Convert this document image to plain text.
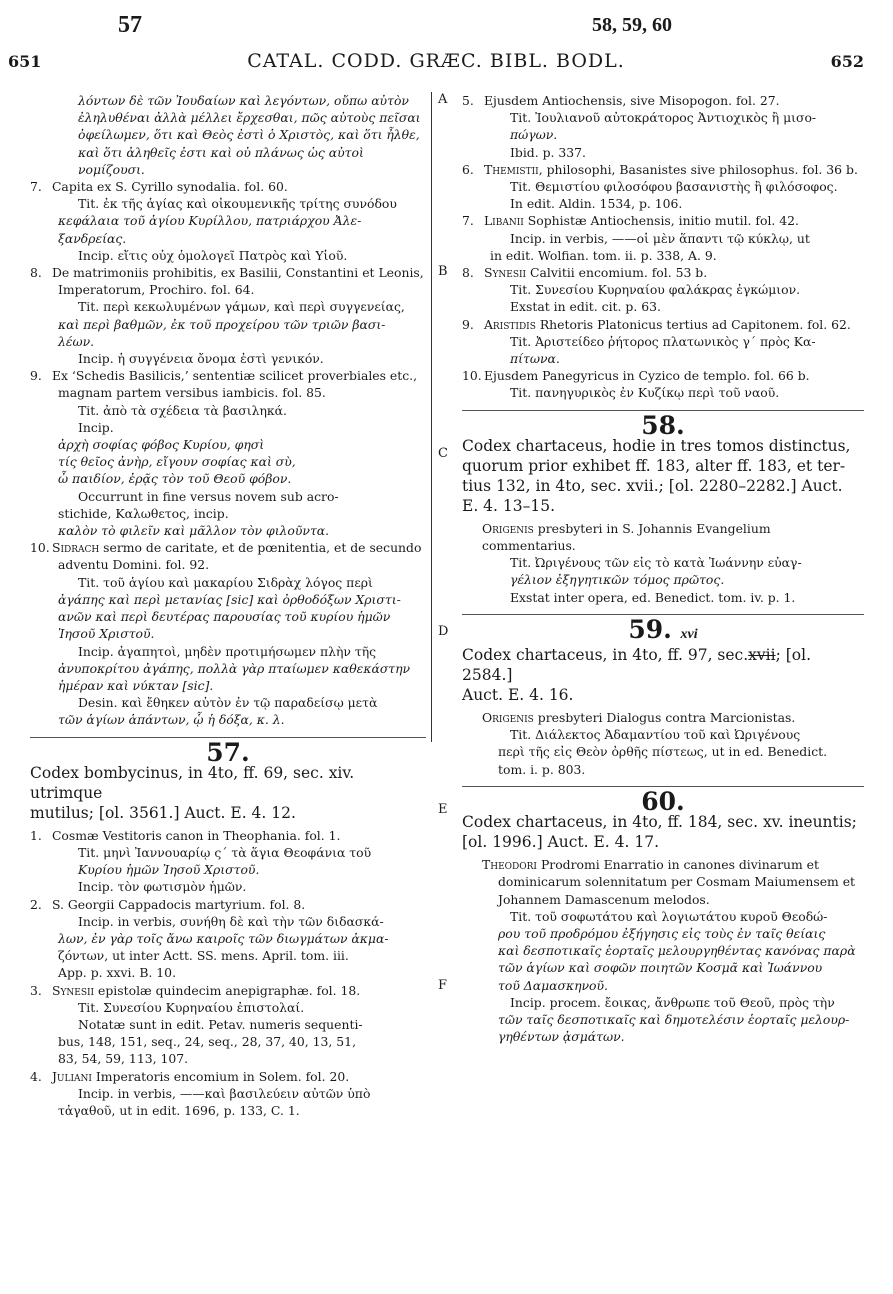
57	58, 59, 60
651	CATAL. CODD. GRÆC. BIBL. BODL.	652
A
B
C
D
E
F

λόντων δὲ τῶν Ἰουδαίων καὶ λεγόντων, οὔπω αὐτὸν

ἐληλυθέναι ἀλλὰ μέλλει ἔρχεσθαι, πῶς αὐτοὺς πεῖσαι

ὀφείλωμεν, ὅτι καὶ Θεὸς ἐστὶ ὁ Χριστὸς, καὶ ὅτι ἦλθε,

καὶ ὅτι ἀληθεῖς ἐστι καὶ οὐ πλάνως ὡς αὐτοὶ νομίζουσι.

7. Capita ex S. Cyrillo synodalia. fol. 60.

Tit. ἐκ τῆς ἁγίας καὶ οἰκουμενικῆς τρίτης συνόδου

κεφάλαια τοῦ ἁγίου Κυρίλλου, πατριάρχου Ἀλε-

ξανδρείας.

Incip. εἴτις οὐχ ὁμολογεῖ Πατρὸς καὶ Υἱοῦ.

8. De matrimoniis prohibitis, ex Basilii, Constantini et Leonis, Imperatorum, Prochiro. fol. 64.

Tit. περὶ κεκωλυμένων γάμων, καὶ περὶ συγγενείας,

καὶ περὶ βαθμῶν, ἐκ τοῦ προχείρου τῶν τριῶν βασι-

λέων.

Incip. ἡ συγγένεια ὄνομα ἐστὶ γενικόν.

9. Ex ‘Schedis Basilicis,’ sententiæ scilicet proverbiales etc., magnam partem versibus iambicis. fol. 85.

Tit. ἀπὸ τὰ σχέδεια τὰ βασιληκά.

Incip.

ἀρχὴ σοφίας φόβος Κυρίου, φησὶ

τίς θεῖος ἀνὴρ, εἴγουν σοφίας καὶ σὺ,

ὦ παιδίον, ἐρᾷς τὸν τοῦ Θεοῦ φόβον.

Occurrunt in fine versus novem sub acro-

stichide, Καλωθετος, incip.

καλὸν τὸ φιλεῖν καὶ μᾶλλον τὸν φιλοῦντα.

10. Sidrach sermo de caritate, et de pœnitentia, et de secundo adventu Domini. fol. 92.

Tit. τοῦ ἁγίου καὶ μακαρίου Σιδρὰχ λόγος περὶ

ἀγάπης καὶ περὶ μετανίας [sic] καὶ ὀρθοδόξων Χριστι-

ανῶν καὶ περὶ δευτέρας παρουσίας τοῦ κυρίου ἡμῶν

Ἰησοῦ Χριστοῦ.

Incip. ἀγαπητοὶ, μηδὲν προτιμήσωμεν πλὴν τῆς

ἀνυποκρίτου ἀγάπης, πολλὰ γὰρ πταίωμεν καθεκάστην

ἡμέραν καὶ νύκταν [sic].

Desin. καὶ ἔθηκεν αὐτὸν ἐν τῷ παραδείσῳ μετὰ

τῶν ἁγίων ἁπάντων, ᾧ ἡ δόξα, κ. λ.

57.

Codex bombycinus, in 4to, ff. 69, sec. xiv. utrimque

mutilus; [ol. 3561.] Auct. E. 4. 12.

1. Cosmæ Vestitoris canon in Theophania. fol. 1.

Tit. μηνὶ Ἰαννουαρίῳ ς΄ τὰ ἅγια Θεοφάνια τοῦ

Κυρίου ἡμῶν Ἰησοῦ Χριστοῦ.

Incip. τὸν φωτισμὸν ἡμῶν.

2. S. Georgii Cappadocis martyrium. fol. 8.

Incip. in verbis, συνήθη δὲ καὶ τὴν τῶν διδασκά-

λων, ἐν γὰρ τοῖς ἄνω καιροῖς τῶν διωγμάτων ἀκμα-

ζόντων, ut inter Actt. SS. mens. April. tom. iii.

App. p. xxvi. B. 10.

3. Synesii epistolæ quindecim anepigraphæ. fol. 18.

Tit. Συνεσίου Κυρηναίου ἐπιστολαί.

Notatæ sunt in edit. Petav. numeris sequenti-

bus, 148, 151, seq., 24, seq., 28, 37, 40, 13, 51,

83, 54, 59, 113, 107.

4. Juliani Imperatoris encomium in Solem. fol. 20.

Incip. in verbis, ——καὶ βασιλεύειν αὐτῶν ὑπὸ

τἀγαθοῦ, ut in edit. 1696, p. 133, C. 1.

5. Ejusdem Antiochensis, sive Misopogon. fol. 27.

Tit. Ἰουλιανοῦ αὐτοκράτορος Ἀντιοχικὸς ἢ μισο-

πώγων.

Ibid. p. 337.

6. Themistii, philosophi, Basanistes sive philosophus. fol. 36 b.

Tit. Θεμιστίου φιλοσόφου βασανιστὴς ἢ φιλόσοφος.

In edit. Aldin. 1534, p. 106.

7. Libanii Sophistæ Antiochensis, initio mutil. fol. 42.

Incip. in verbis, ——οἱ μὲν ἅπαντι τῷ κύκλῳ, ut

in edit. Wolfian. tom. ii. p. 338, A. 9.

8. Synesii Calvitii encomium. fol. 53 b.

Tit. Συνεσίου Κυρηναίου φαλάκρας ἐγκώμιον.

Exstat in edit. cit. p. 63.

9. Aristidis Rhetoris Platonicus tertius ad Capitonem. fol. 62.

Tit. Ἀριστείδεο ῥήτορος πλατωνικὸς γ΄ πρὸς Κα-

πίτωνα.

10. Ejusdem Panegyricus in Cyzico de templo. fol. 66 b.

Tit. πανηγυρικὸς ἐν Κυζίκῳ περὶ τοῦ ναοῦ.

58.

Codex chartaceus, hodie in tres tomos distinctus,

quorum prior exhibet ff. 183, alter ff. 183, et ter-

tius 132, in 4to, sec. xvii.; [ol. 2280–2282.] Auct.

E. 4. 13–15.

Origenis presbyteri in S. Johannis Evangelium commentarius.

Tit. Ὠριγένους τῶν εἰς τὸ κατὰ Ἰωάννην εὐαγ-

γέλιον ἐξηγητικῶν τόμος πρῶτος.

Exstat inter opera, ed. Benedict. tom. iv. p. 1.

59. xvi

Codex chartaceus, in 4to, ff. 97, sec.xvii; [ol. 2584.]

Auct. E. 4. 16.

Origenis presbyteri Dialogus contra Marcionistas.

Tit. Διάλεκτος Ἀδαμαντίου τοῦ καὶ Ὠριγένους

περὶ τῆς εἰς Θεὸν ὀρθῆς πίστεως, ut in ed. Benedict.

tom. i. p. 803.

60.

Codex chartaceus, in 4to, ff. 184, sec. xv. ineuntis;

[ol. 1996.] Auct. E. 4. 17.

Theodori Prodromi Enarratio in canones divinarum et dominicarum solennitatum per Cosmam Maiumensem et Johannem Damascenum melodos.

Tit. τοῦ σοφωτάτου καὶ λογιωτάτου κυροῦ Θεοδώ-

ρου τοῦ προδρόμου ἐξήγησις εἰς τοὺς ἐν ταῖς θείαις

καὶ δεσποτικαῖς ἑορταῖς μελουργηθέντας κανόνας παρὰ

τῶν ἁγίων καὶ σοφῶν ποιητῶν Κοσμᾶ καὶ Ἰωάννου

τοῦ Δαμασκηνοῦ.

Incip. procem. ἔοικας, ἄνθρωπε τοῦ Θεοῦ, πρὸς τὴν

τῶν ταῖς δεσποτικαῖς καὶ δημοτελέσιν ἑορταῖς μελουρ-

γηθέντων ᾀσμάτων.
